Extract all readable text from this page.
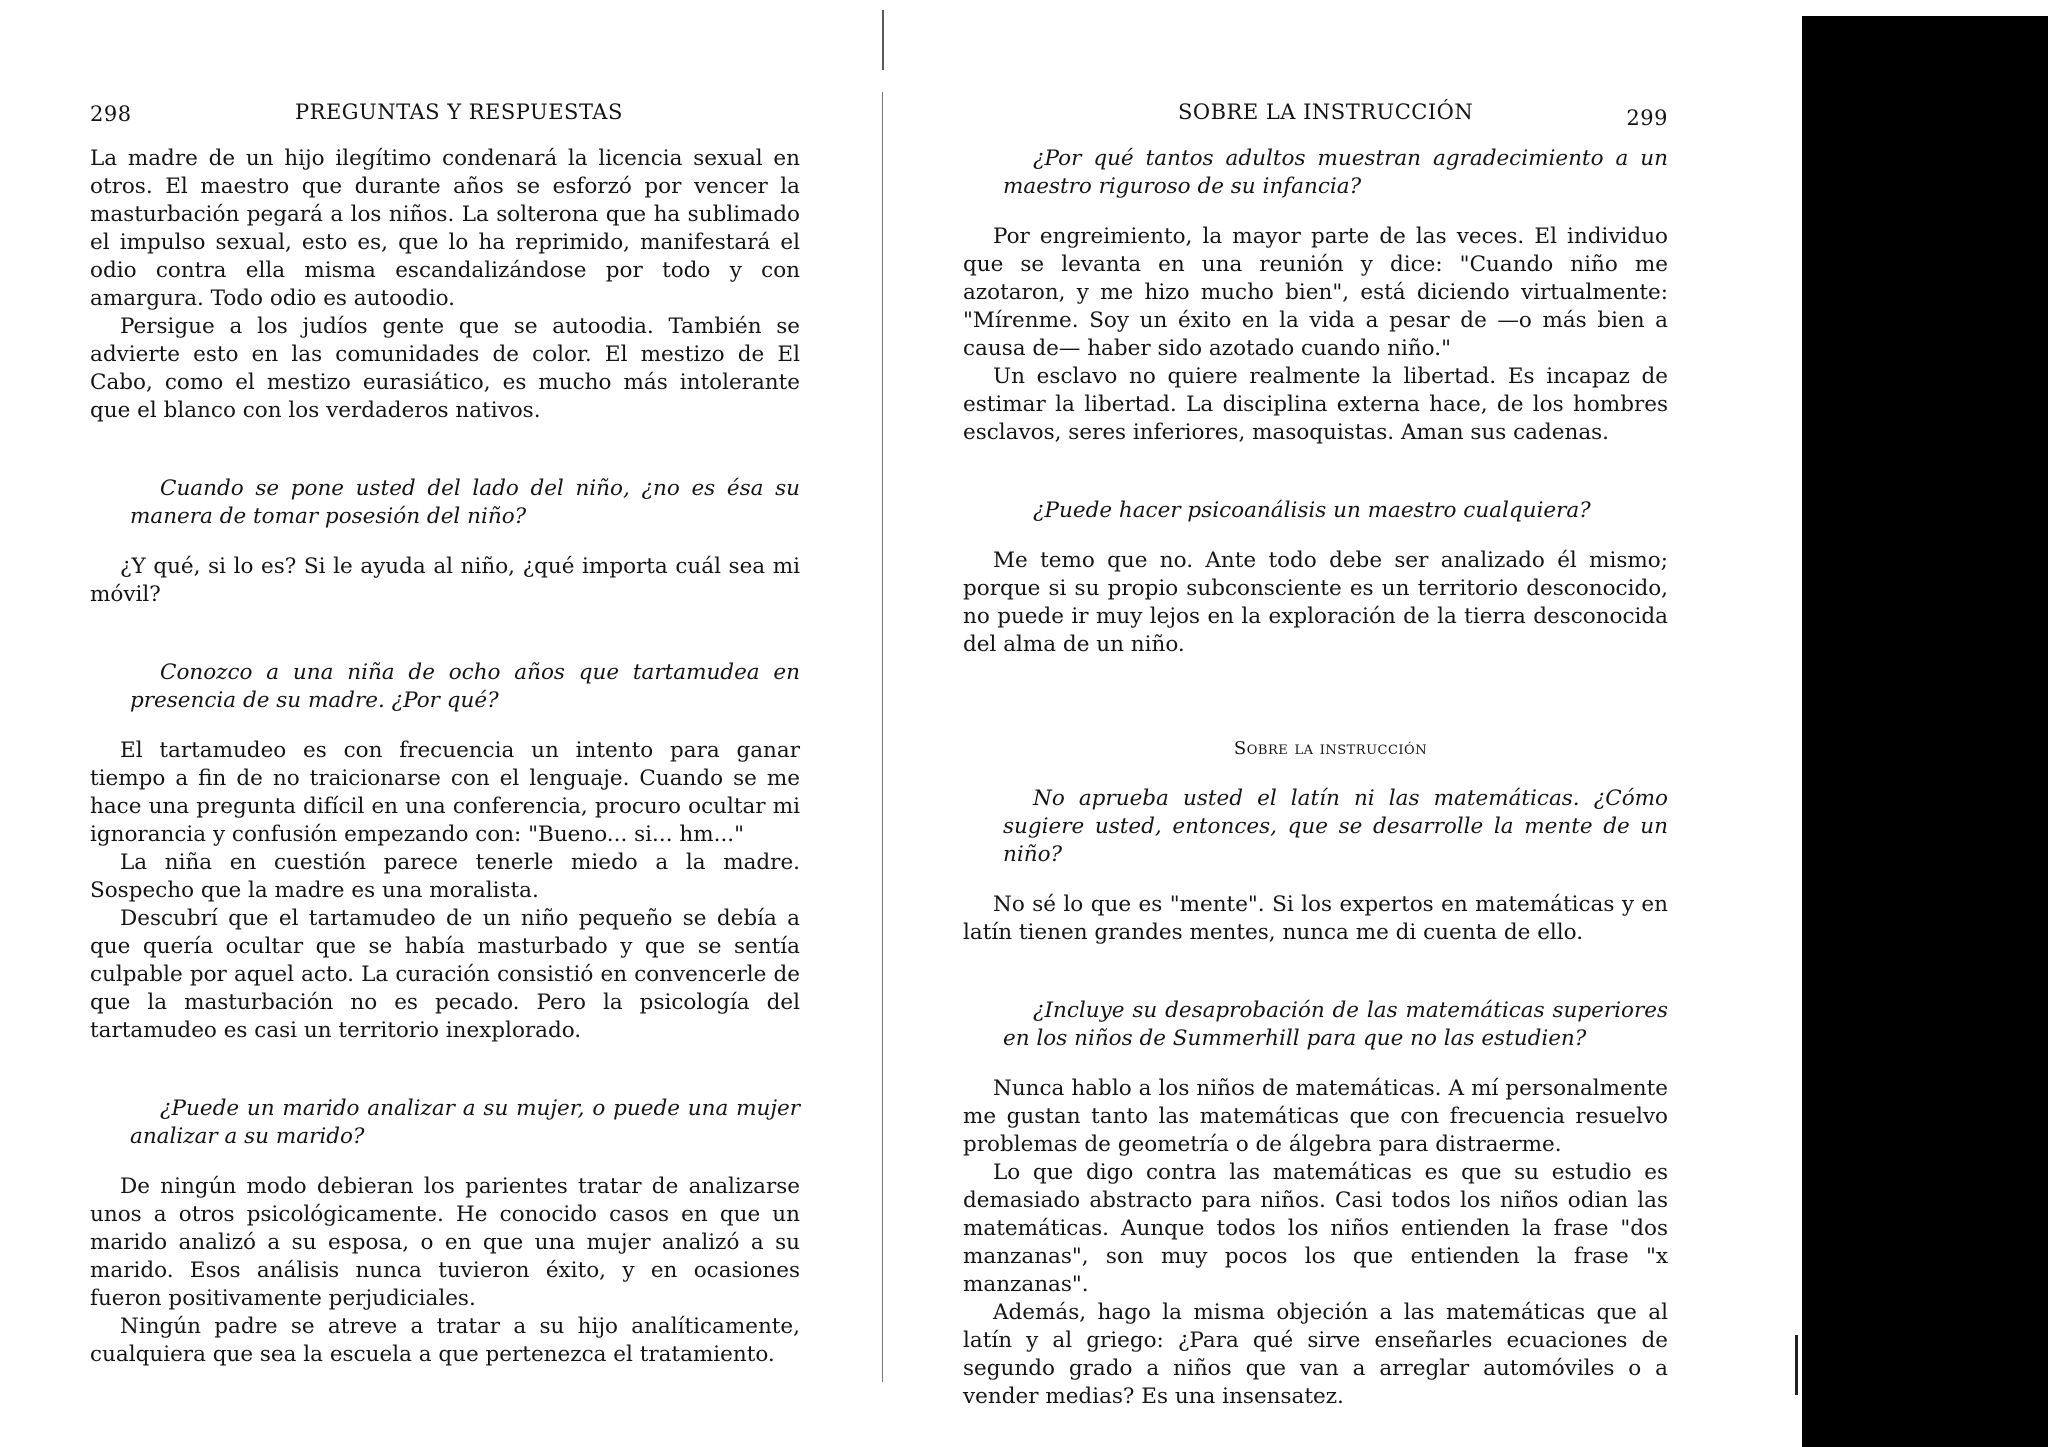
298	PREGUNTAS Y RESPUESTAS

La madre de un hijo ilegítimo condenará la licencia sexual en otros. El maestro que durante años se esforzó por vencer la masturbación pegará a los niños. La solterona que ha sublimado el impulso sexual, esto es, que lo ha reprimido, manifestará el odio contra ella misma escandalizándose por todo y con amargura. Todo odio es autoodio.

Persigue a los judíos gente que se autoodia. También se advierte esto en las comunidades de color. El mestizo de El Cabo, como el mestizo eurasiático, es mucho más intolerante que el blanco con los verdaderos nativos.

Cuando se pone usted del lado del niño, ¿no es ésa su manera de tomar posesión del niño?

¿Y qué, si lo es? Si le ayuda al niño, ¿qué importa cuál sea mi móvil?

Conozco a una niña de ocho años que tartamudea en presencia de su madre. ¿Por qué?

El tartamudeo es con frecuencia un intento para ganar tiempo a fin de no traicionarse con el lenguaje. Cuando se me hace una pregunta difícil en una conferencia, procuro ocultar mi ignorancia y confusión empezando con: "Bueno... si... hm..."

La niña en cuestión parece tenerle miedo a la madre. Sospecho que la madre es una moralista.

Descubrí que el tartamudeo de un niño pequeño se debía a que quería ocultar que se había masturbado y que se sentía culpable por aquel acto. La curación consistió en convencerle de que la masturbación no es pecado. Pero la psicología del tartamudeo es casi un territorio inexplorado.

¿Puede un marido analizar a su mujer, o puede una mujer analizar a su marido?

De ningún modo debieran los parientes tratar de analizarse unos a otros psicológicamente. He conocido casos en que un marido analizó a su esposa, o en que una mujer analizó a su marido. Esos análisis nunca tuvieron éxito, y en ocasiones fueron positivamente perjudiciales.

Ningún padre se atreve a tratar a su hijo analíticamente, cualquiera que sea la escuela a que pertenezca el tratamiento.

SOBRE LA INSTRUCCIÓN	299

¿Por qué tantos adultos muestran agradecimiento a un maestro riguroso de su infancia?

Por engreimiento, la mayor parte de las veces. El individuo que se levanta en una reunión y dice: "Cuando niño me azotaron, y me hizo mucho bien", está diciendo virtualmente: "Mírenme. Soy un éxito en la vida a pesar de —o más bien a causa de— haber sido azotado cuando niño."

Un esclavo no quiere realmente la libertad. Es incapaz de estimar la libertad. La disciplina externa hace, de los hombres esclavos, seres inferiores, masoquistas. Aman sus cadenas.

¿Puede hacer psicoanálisis un maestro cualquiera?

Me temo que no. Ante todo debe ser analizado él mismo; porque si su propio subconsciente es un territorio desconocido, no puede ir muy lejos en la exploración de la tierra desconocida del alma de un niño.

Sobre la instrucción

No aprueba usted el latín ni las matemáticas. ¿Cómo sugiere usted, entonces, que se desarrolle la mente de un niño?

No sé lo que es "mente". Si los expertos en matemáticas y en latín tienen grandes mentes, nunca me di cuenta de ello.

¿Incluye su desaprobación de las matemáticas superiores en los niños de Summerhill para que no las estudien?

Nunca hablo a los niños de matemáticas. A mí personalmente me gustan tanto las matemáticas que con frecuencia resuelvo problemas de geometría o de álgebra para distraerme.

Lo que digo contra las matemáticas es que su estudio es demasiado abstracto para niños. Casi todos los niños odian las matemáticas. Aunque todos los niños entienden la frase "dos manzanas", son muy pocos los que entienden la frase "x manzanas".

Además, hago la misma objeción a las matemáticas que al latín y al griego: ¿Para qué sirve enseñarles ecuaciones de segundo grado a niños que van a arreglar automóviles o a vender medias? Es una insensatez.
